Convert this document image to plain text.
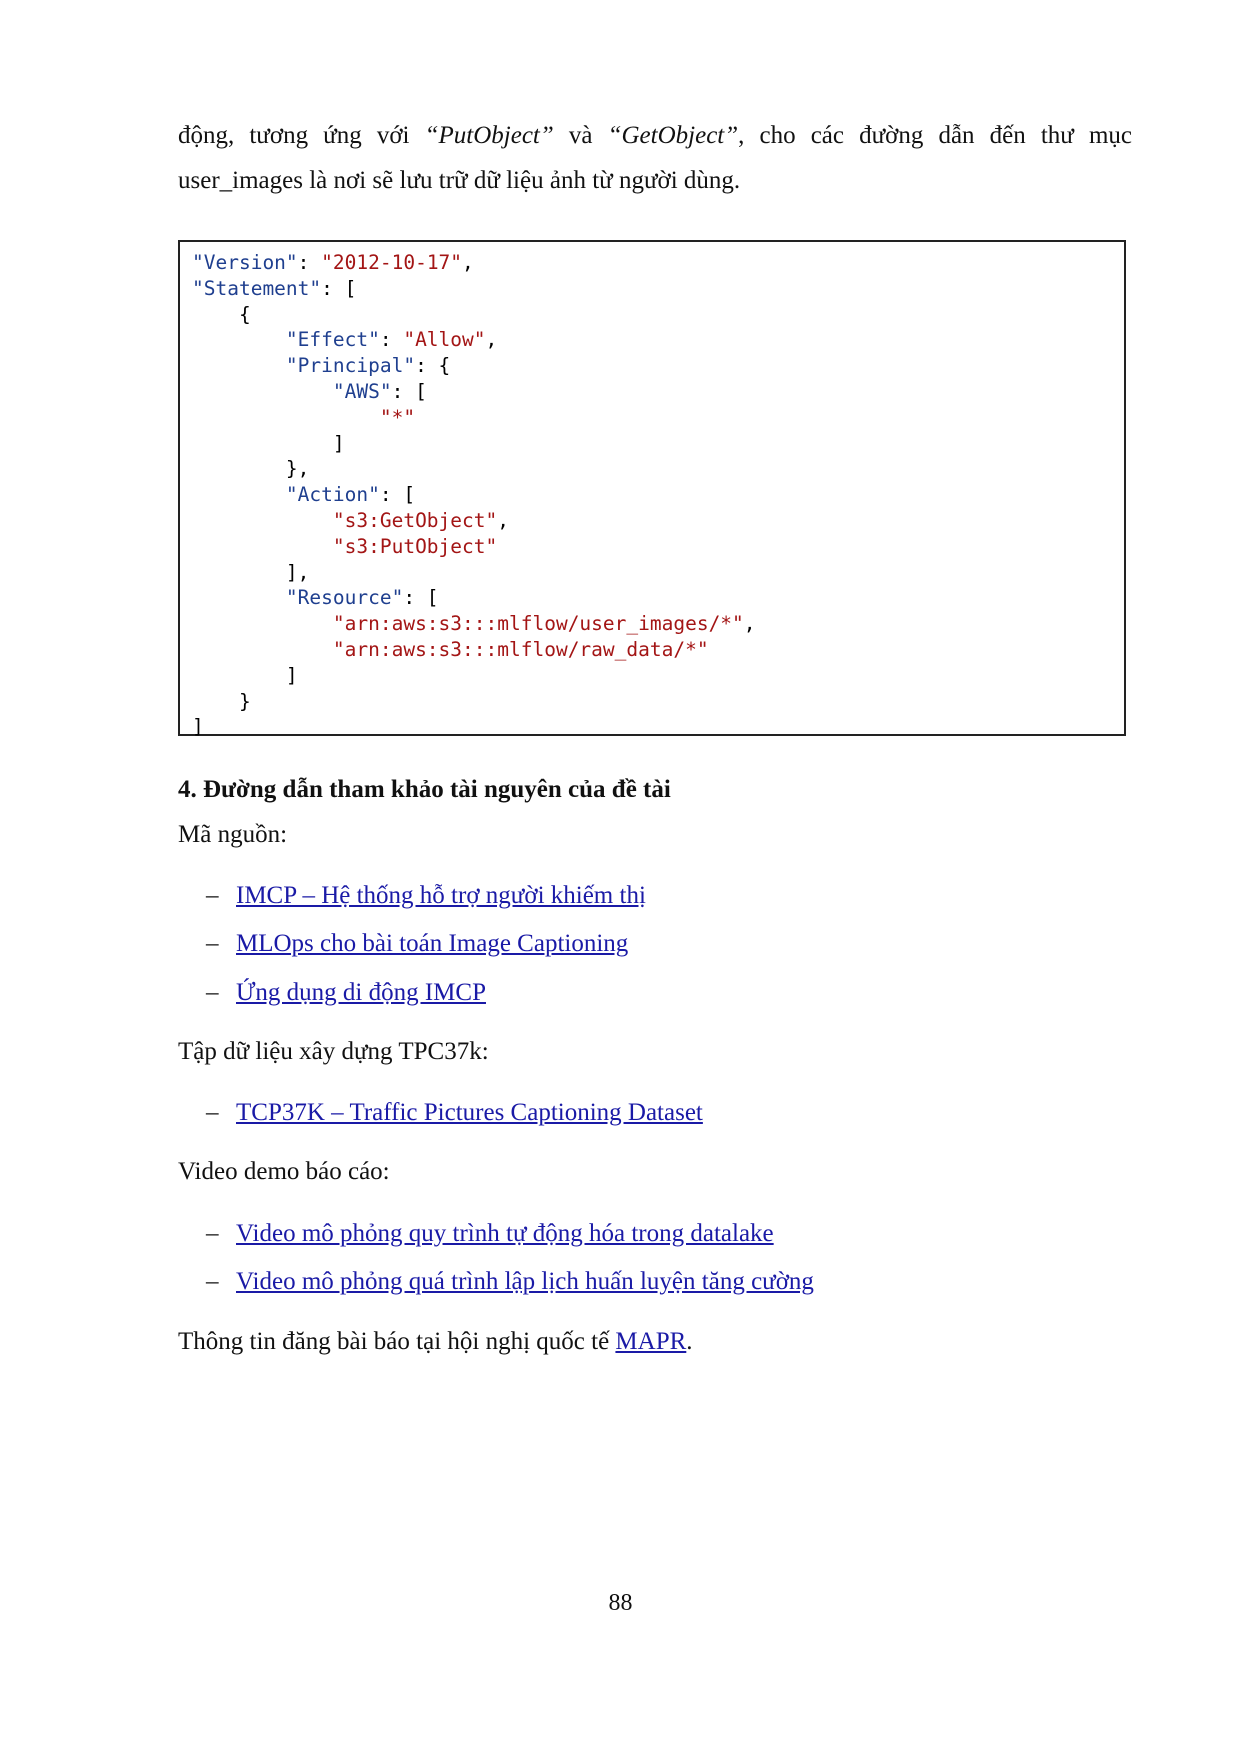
động, tương ứng với “PutObject” và “GetObject”, cho các đường dẫn đến thư mục

user_images là nơi sẽ lưu trữ dữ liệu ảnh từ người dùng.

"Version": "2012-10-17",
"Statement": [
{
"Effect": "Allow",
"Principal": {
"AWS": [
"*"
]
},
"Action": [
"s3:GetObject",
"s3:PutObject"
],
"Resource": [
"arn:aws:s3:::mlflow/user_images/*",
"arn:aws:s3:::mlflow/raw_data/*"
]
}
]
4. Đường dẫn tham khảo tài nguyên của đề tài

Mã nguồn:

– IMCP – Hệ thống hỗ trợ người khiếm thị

– MLOps cho bài toán Image Captioning

– Ứng dụng di động IMCP

Tập dữ liệu xây dựng TPC37k:

– TCP37K – Traffic Pictures Captioning Dataset

Video demo báo cáo:

– Video mô phỏng quy trình tự động hóa trong datalake

– Video mô phỏng quá trình lập lịch huấn luyện tăng cường

Thông tin đăng bài báo tại hội nghị quốc tế MAPR.

88
